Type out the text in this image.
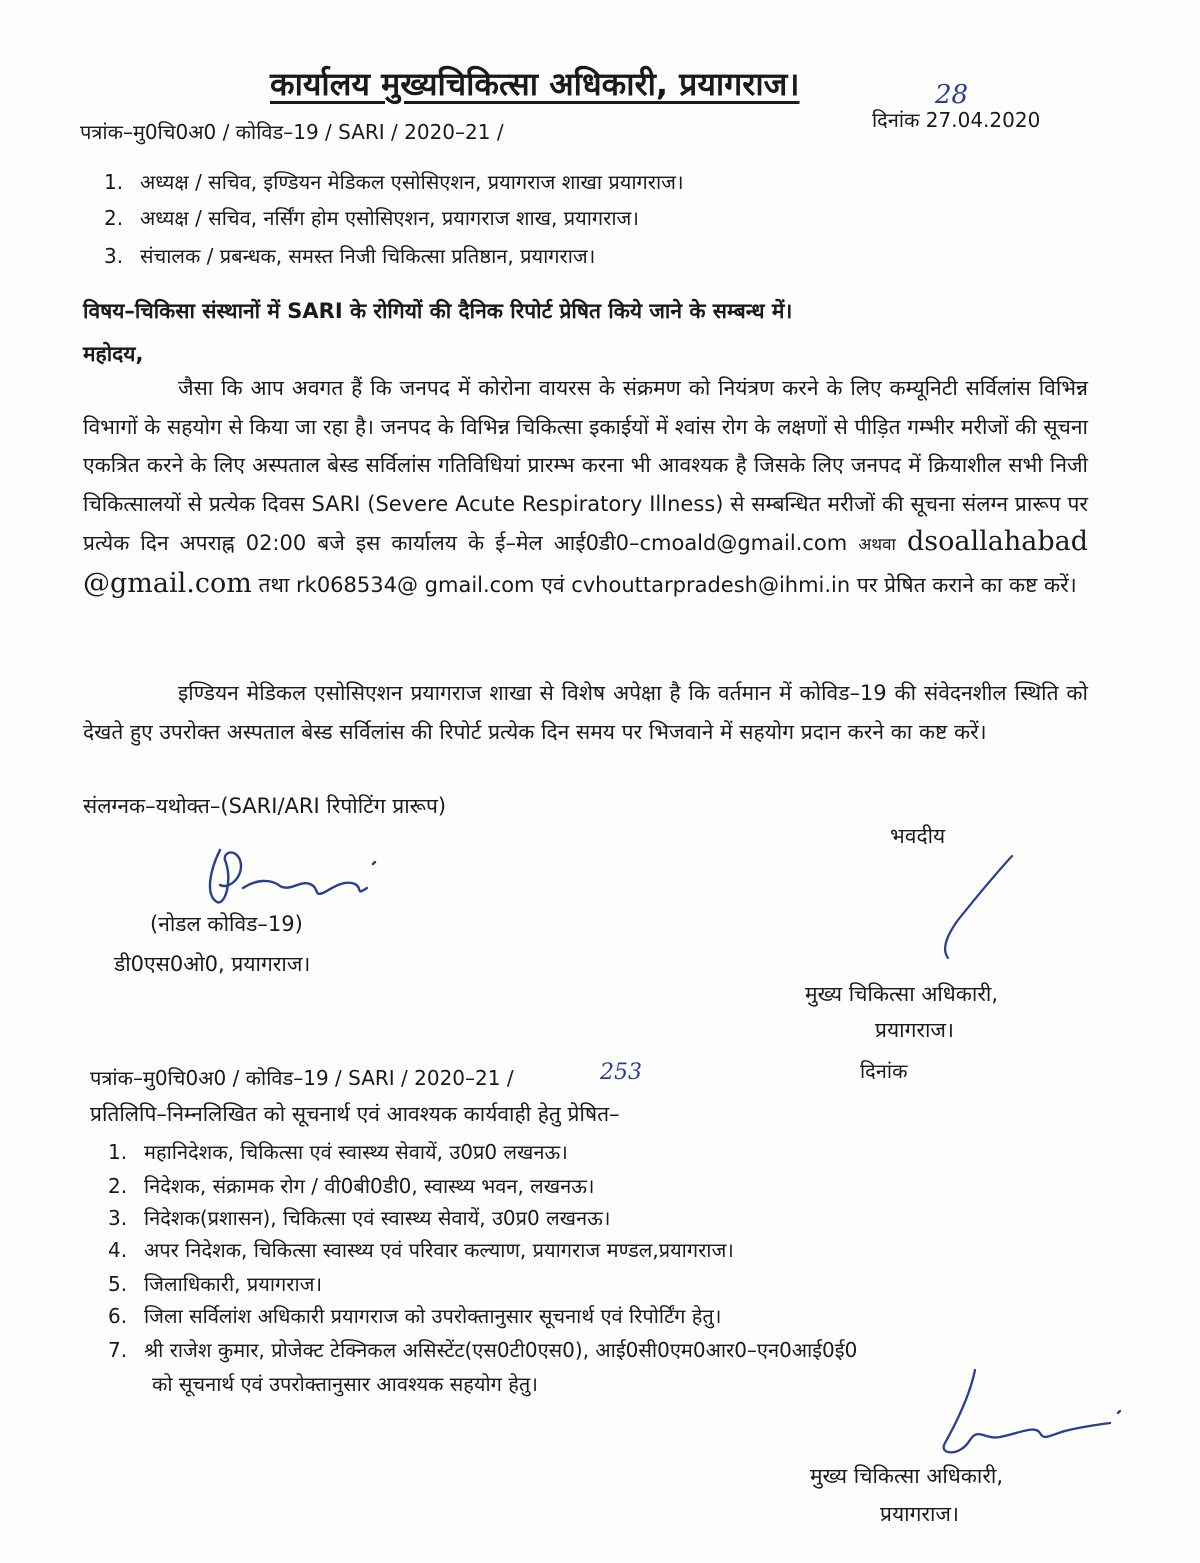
कार्यालय मुख्यचिकित्सा अधिकारी, प्रयागराज।
पत्रांक–मु0चि0अ0 / कोविड–19 / SARI / 2020–21 /
28
दिनांक 27.04.2020
1. अध्यक्ष / सचिव, इण्डियन मेडिकल एसोसिएशन, प्रयागराज शाखा प्रयागराज।
2. अध्यक्ष / सचिव, नर्सिंग होम एसोसिएशन, प्रयागराज शाख, प्रयागराज।
3. संचालक / प्रबन्धक, समस्त निजी चिकित्सा प्रतिष्ठान, प्रयागराज।
विषय–चिकिसा संस्थानों में SARI के रोगियों की दैनिक रिपोर्ट प्रेषित किये जाने के सम्बन्ध में।
महोदय,
जैसा कि आप अवगत हैं कि जनपद में कोरोना वायरस के संक्रमण को नियंत्रण करने के लिए कम्यूनिटी सर्विलांस विभिन्न विभागों के सहयोग से किया जा रहा है। जनपद के विभिन्न चिकित्सा इकाईयों में श्वांस रोग के लक्षणों से पीड़ित गम्भीर मरीजों की सूचना एकत्रित करने के लिए अस्पताल बेस्ड सर्विलांस गतिविधियां प्रारम्भ करना भी आवश्यक है जिसके लिए जनपद में क्रियाशील सभी निजी चिकित्सालयों से प्रत्येक दिवस SARI (Severe Acute Respiratory Illness) से सम्बन्धित मरीजों की सूचना संलग्न प्रारूप पर प्रत्येक दिन अपराह्न 02:00 बजे इस कार्यालय के ई–मेल आई0डी0–cmoald@gmail.com अथवा dsoallahabad @gmail.com तथा rk068534@ gmail.com एवं cvhouttarpradesh@ihmi.in पर प्रेषित कराने का कष्ट करें।
इण्डियन मेडिकल एसोसिएशन प्रयागराज शाखा से विशेष अपेक्षा है कि वर्तमान में कोविड–19 की संवेदनशील स्थिति को देखते हुए उपरोक्त अस्पताल बेस्ड सर्विलांस की रिपोर्ट प्रत्येक दिन समय पर भिजवाने में सहयोग प्रदान करने का कष्ट करें।
संलग्नक–यथोक्त–(SARI/ARI रिपोटिंग प्रारूप)
भवदीय
(नोडल कोविड–19)
डी0एस0ओ0, प्रयागराज।
मुख्य चिकित्सा अधिकारी,
प्रयागराज।
दिनांक
पत्रांक–मु0चि0अ0 / कोविड–19 / SARI / 2020–21 /	253
प्रतिलिपि–निम्नलिखित को सूचनार्थ एवं आवश्यक कार्यवाही हेतु प्रेषित–
1. महानिदेशक, चिकित्सा एवं स्वास्थ्य सेवायें, उ0प्र0 लखनऊ।
2. निदेशक, संक्रामक रोग / वी0बी0डी0, स्वास्थ्य भवन, लखनऊ।
3. निदेशक(प्रशासन), चिकित्सा एवं स्वास्थ्य सेवायें, उ0प्र0 लखनऊ।
4. अपर निदेशक, चिकित्सा स्वास्थ्य एवं परिवार कल्याण, प्रयागराज मण्डल,प्रयागराज।
5. जिलाधिकारी, प्रयागराज।
6. जिला सर्विलांश अधिकारी प्रयागराज को उपरोक्तानुसार सूचनार्थ एवं रिपोर्टिंग हेतु।
7. श्री राजेश कुमार, प्रोजेक्ट टेक्निकल असिस्टेंट(एस0टी0एस0), आई0सी0एम0आर0–एन0आई0ई0
को सूचनार्थ एवं उपरोक्तानुसार आवश्यक सहयोग हेतु।
मुख्य चिकित्सा अधिकारी,
प्रयागराज।
